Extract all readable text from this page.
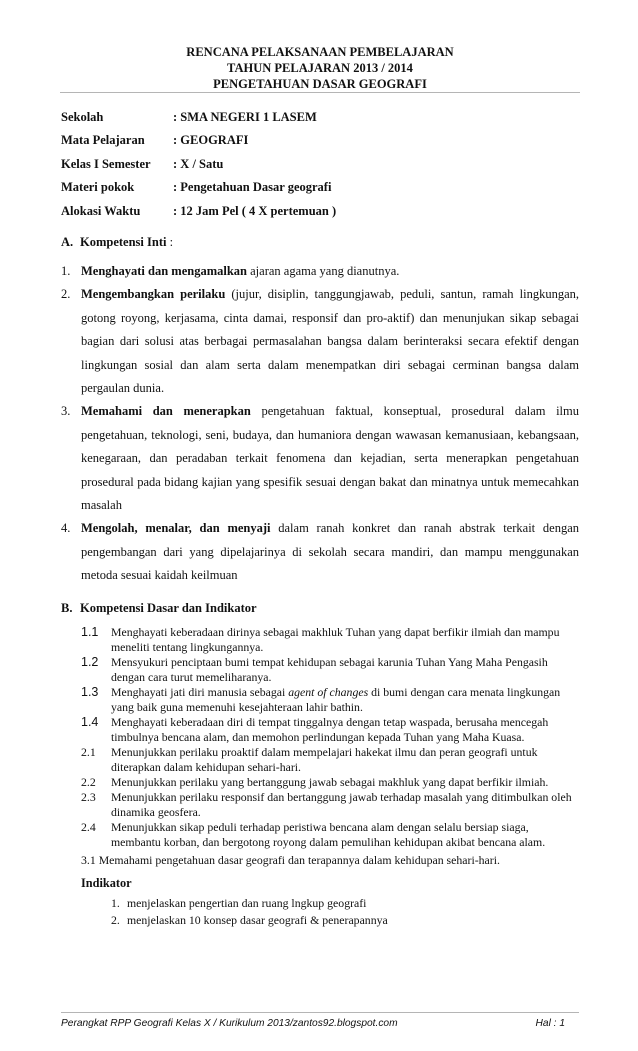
RENCANA PELAKSANAAN PEMBELAJARAN
TAHUN PELAJARAN 2013 / 2014
PENGETAHUAN DASAR GEOGRAFI
Sekolah	: SMA NEGERI 1 LASEM
Mata Pelajaran	: GEOGRAFI
Kelas I Semester	: X / Satu
Materi pokok	: Pengetahuan Dasar geografi
Alokasi Waktu	: 12 Jam Pel ( 4 X pertemuan )
A. Kompetensi Inti :
1. Menghayati dan mengamalkan ajaran agama yang dianutnya.
2. Mengembangkan perilaku (jujur, disiplin, tanggungjawab, peduli, santun, ramah lingkungan, gotong royong, kerjasama, cinta damai, responsif dan pro-aktif) dan menunjukan sikap sebagai bagian dari solusi atas berbagai permasalahan bangsa dalam berinteraksi secara efektif dengan lingkungan sosial dan alam serta dalam menempatkan diri sebagai cerminan bangsa dalam pergaulan dunia.
3. Memahami dan menerapkan pengetahuan faktual, konseptual, prosedural dalam ilmu pengetahuan, teknologi, seni, budaya, dan humaniora dengan wawasan kemanusiaan, kebangsaan, kenegaraan, dan peradaban terkait fenomena dan kejadian, serta menerapkan pengetahuan prosedural pada bidang kajian yang spesifik sesuai dengan bakat dan minatnya untuk memecahkan masalah
4. Mengolah, menalar, dan menyaji dalam ranah konkret dan ranah abstrak terkait dengan pengembangan dari yang dipelajarinya di sekolah secara mandiri, dan mampu menggunakan metoda sesuai kaidah keilmuan
B. Kompetensi Dasar dan Indikator
1.1 Menghayati keberadaan dirinya sebagai makhluk Tuhan yang dapat berfikir ilmiah dan mampu meneliti tentang lingkungannya.
1.2 Mensyukuri penciptaan bumi tempat kehidupan sebagai karunia Tuhan Yang Maha Pengasih dengan cara turut memeliharanya.
1.3 Menghayati jati diri manusia sebagai agent of changes di bumi dengan cara menata lingkungan yang baik guna memenuhi kesejahteraan lahir bathin.
1.4 Menghayati keberadaan diri di tempat tinggalnya dengan tetap waspada, berusaha mencegah timbulnya bencana alam, dan memohon perlindungan kepada Tuhan yang Maha Kuasa.
2.1 Menunjukkan perilaku proaktif dalam mempelajari hakekat ilmu dan peran geografi untuk diterapkan dalam kehidupan sehari-hari.
2.2 Menunjukkan perilaku yang bertanggung jawab sebagai makhluk yang dapat berfikir ilmiah.
2.3 Menunjukkan perilaku responsif dan bertanggung jawab terhadap masalah yang ditimbulkan oleh dinamika geosfera.
2.4 Menunjukkan sikap peduli terhadap peristiwa bencana alam dengan selalu bersiap siaga, membantu korban, dan bergotong royong dalam pemulihan kehidupan akibat bencana alam.
3.1 Memahami pengetahuan dasar geografi dan terapannya dalam kehidupan sehari-hari.
Indikator
1. menjelaskan pengertian dan ruang lngkup geografi
2. menjelaskan 10 konsep dasar geografi & penerapannya
Perangkat RPP Geografi Kelas X / Kurikulum 2013/zantos92.blogspot.com	Hal : 1
